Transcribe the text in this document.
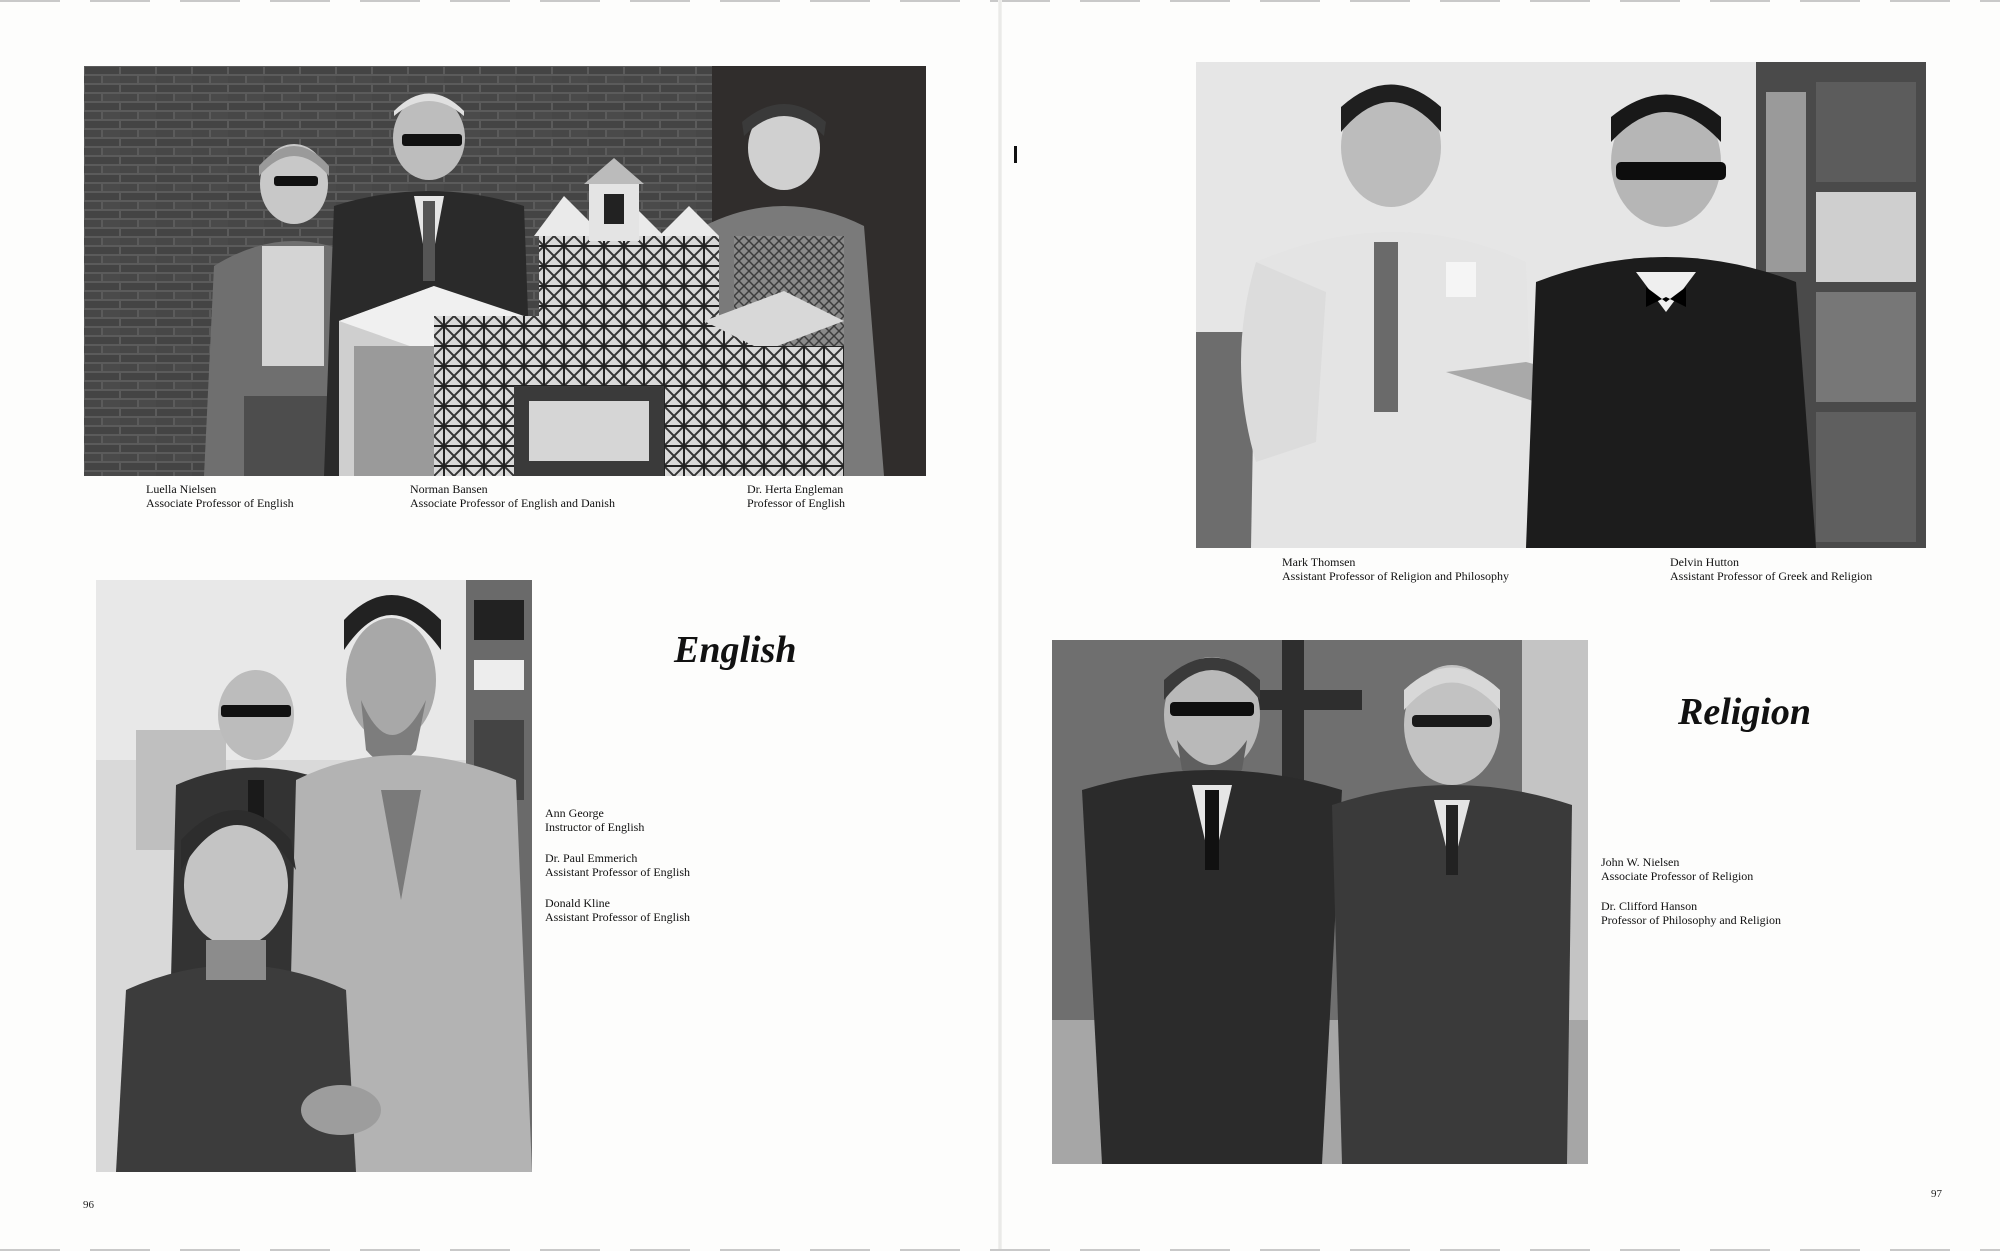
Luella Nielsen
Associate Professor of English
Norman Bansen
Associate Professor of English and Danish
Dr. Herta Engleman
Professor of English
English
Ann George
Instructor of English
Dr. Paul Emmerich
Assistant Professor of English
Donald Kline
Assistant Professor of English
96
Mark Thomsen
Assistant Professor of Religion and Philosophy
Delvin Hutton
Assistant Professor of Greek and Religion
Religion
John W. Nielsen
Associate Professor of Religion
Dr. Clifford Hanson
Professor of Philosophy and Religion
97
